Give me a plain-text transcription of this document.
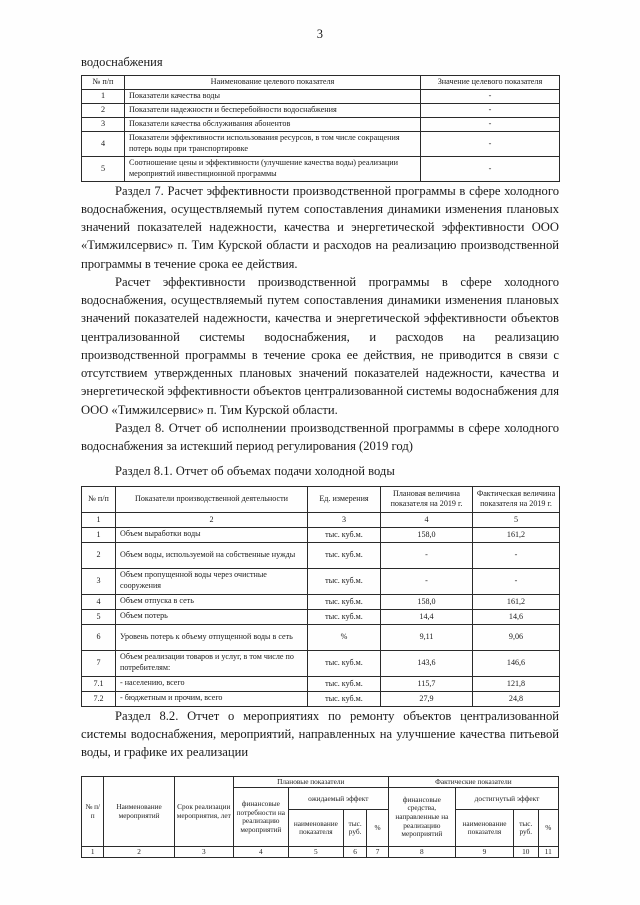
3
водоснабжения
№ п/п	Наименование целевого показателя	Значение целевого показателя
1	Показатели качества воды	-
2	Показатели надежности и бесперебойности водоснабжения	-
3	Показатели качества обслуживания абонентов	-
4	Показатели эффективности использования ресурсов, в том числе сокращения потерь воды при транспортировке	-
5	Соотношение цены и эффективности (улучшение качества воды) реализации мероприятий инвестиционной программы	-

Раздел 7. Расчет эффективности производственной программы в сфере холодного водоснабжения, осуществляемый путем сопоставления динамики изменения плановых значений показателей надежности, качества и энергетической эффективности ООО «Тимжилсервис» п. Тим Курской области и расходов на реализацию производственной программы в течение срока ее действия.

Расчет эффективности производственной программы в сфере холодного водоснабжения, осуществляемый путем сопоставления динамики изменения плановых значений показателей надежности, качества и энергетической эффективности объектов централизованной системы водоснабжения, и расходов на реализацию производственной программы в течение срока ее действия, не приводится в связи с отсутствием утвержденных плановых значений показателей надежности, качества и энергетической эффективности объектов централизованной системы водоснабжения для ООО «Тимжилсервис» п. Тим Курской области.

Раздел 8. Отчет об исполнении производственной программы в сфере холодного водоснабжения за истекший период регулирования (2019 год)

Раздел 8.1. Отчет об объемах подачи холодной воды
№ п/п	Показатели производственной деятельности	Ед. измерения	Плановая величина показателя на 2019 г.	Фактическая величина показателя на 2019 г.
1	2	3	4	5
1	Объем выработки воды	тыс. куб.м.	158,0	161,2
2	Объем воды, используемой на собственные нужды	тыс. куб.м.	-	-
3	Объем пропущенной воды через очистные сооружения	тыс. куб.м.	-	-
4	Объем отпуска в сеть	тыс. куб.м.	158,0	161,2
5	Объем потерь	тыс. куб.м.	14,4	14,6
6	Уровень потерь к объему отпущенной воды в сеть	%	9,11	9,06
7	Объем реализации товаров и услуг, в том числе по потребителям:	тыс. куб.м.	143,6	146,6
7.1	- населению, всего	тыс. куб.м.	115,7	121,8
7.2	- бюджетным и прочим, всего	тыс. куб.м.	27,9	24,8

Раздел 8.2. Отчет о мероприятиях по ремонту объектов централизованной системы водоснабжения, мероприятий, направленных на улучшение качества питьевой воды, и графике их реализации

№ п/ п	Наименование мероприятий	Срок реализации мероприятия, лет	Плановые показатели				Фактические показатели			
			финансовые потребности на реализацию мероприятий	ожидаемый эффект			финансовые средства, направленные на реализацию мероприятий	достигнутый эффект		
				наименование показателя	тыс. руб.	%		наименование показателя	тыс. руб.	%
1	2	3	4	5	6	7	8	9	10	11
